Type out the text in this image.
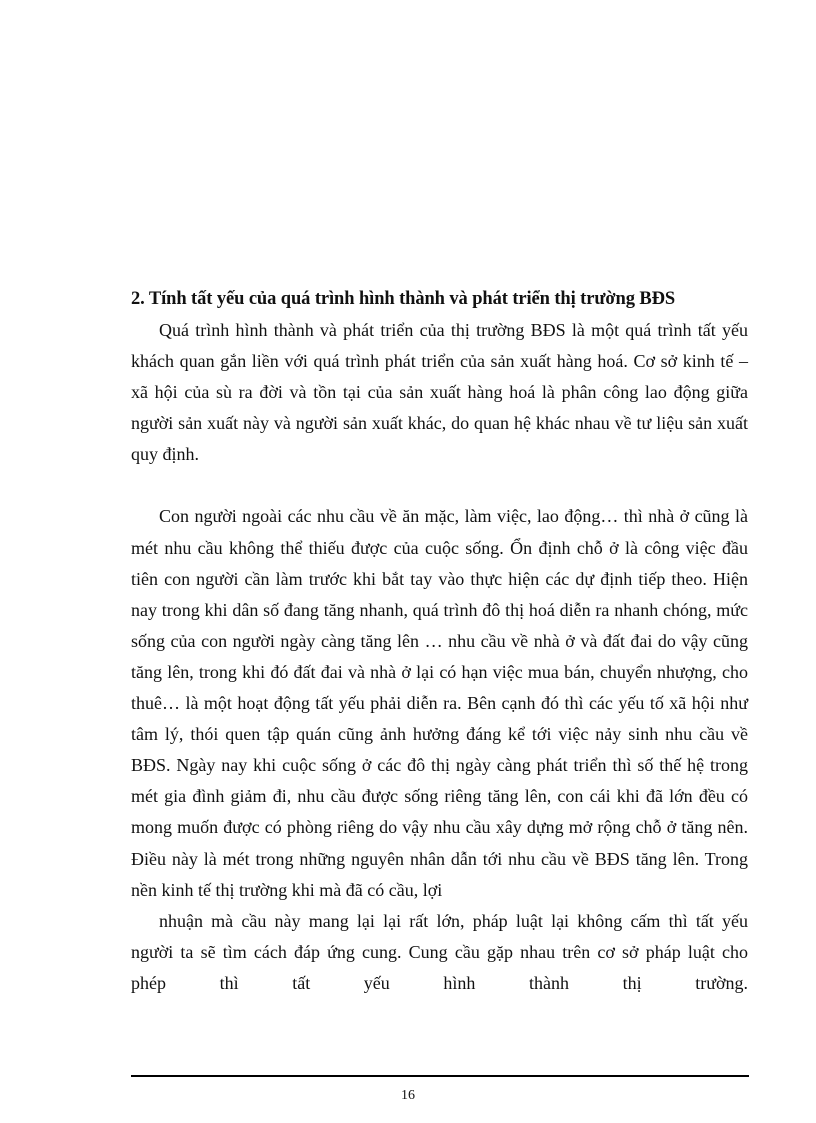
2. Tính tất yếu của quá trình hình thành và phát triển thị trường BĐS

Quá trình hình thành và phát triển của thị trường BĐS là một quá trình tất yếu khách quan gắn liền với quá trình phát triển của sản xuất hàng hoá. Cơ sở kinh tế – xã hội của sù ra đời và tồn tại của sản xuất hàng hoá là phân công lao động giữa người sản xuất này và người sản xuất khác, do quan hệ khác nhau về tư liệu sản xuất quy định.

Con người ngoài các nhu cầu về ăn mặc, làm việc, lao động… thì nhà ở cũng là mét nhu cầu không thể thiếu được của cuộc sống. Ổn định chỗ ở là công việc đầu tiên con người cần làm trước khi bắt tay vào thực hiện các dự định tiếp theo. Hiện nay trong khi dân số đang tăng nhanh, quá trình đô thị hoá diễn ra nhanh chóng, mức sống của con người ngày càng tăng lên … nhu cầu về nhà ở và đất đai do vậy cũng tăng lên, trong khi đó đất đai và nhà ở lại có hạn việc mua bán, chuyển nhượng, cho thuê… là một hoạt động tất yếu phải diễn ra. Bên cạnh đó thì các yếu tố xã hội như tâm lý, thói quen tập quán cũng ảnh hưởng đáng kể tới việc nảy sinh nhu cầu về BĐS. Ngày nay khi cuộc sống ở các đô thị ngày càng phát triển thì số thế hệ trong mét gia đình giảm đi, nhu cầu được sống riêng tăng lên, con cái khi đã lớn đều có mong muốn được có phòng riêng do vậy nhu cầu xây dựng mở rộng chỗ ở tăng nên. Điều này là mét trong những nguyên nhân dẫn tới nhu cầu về BĐS tăng lên. Trong nền kinh tế thị trường khi mà đã có cầu, lợi

nhuận mà cầu này mang lại lại rất lớn, pháp luật lại không cấm thì tất yếu
người ta sẽ tìm cách đáp ứng cung. Cung cầu gặp nhau trên cơ sở pháp luật cho
phép thì tất yếu hình thành thị trường.
16
